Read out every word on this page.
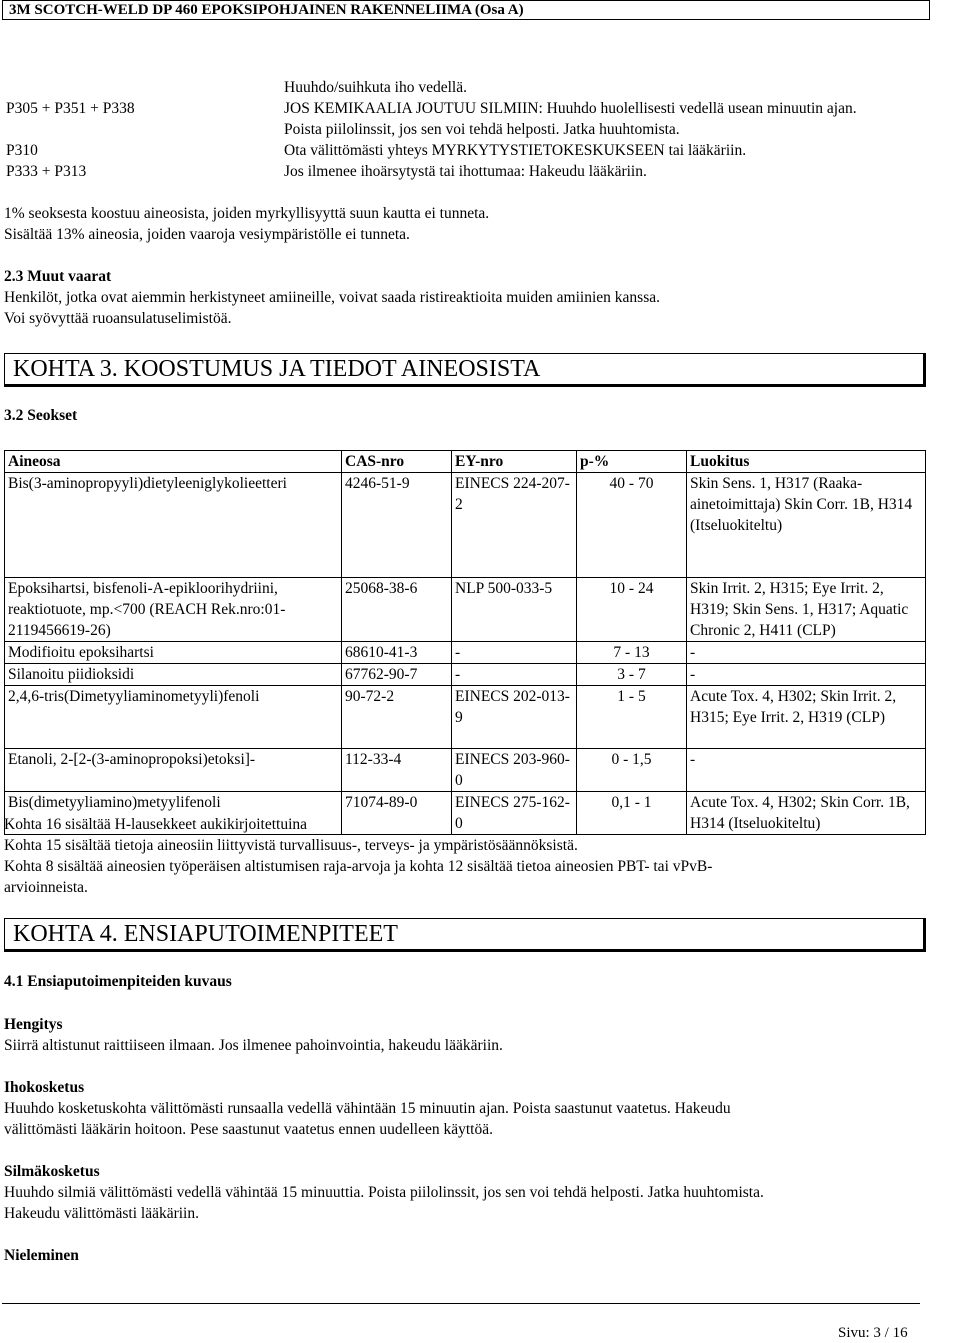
3M SCOTCH-WELD DP 460 EPOKSIPOHJAINEN RAKENNELIIMA (Osa A)
Huuhdo/suihkuta iho vedellä.
P305 + P351 + P338	JOS KEMIKAALIA JOUTUU SILMIIN: Huuhdo huolellisesti vedellä usean minuutin ajan.
Poista piilolinssit, jos sen voi tehdä helposti. Jatka huuhtomista.
P310	Ota välittömästi yhteys MYRKYTYSTIETOKESKUKSEEN tai lääkäriin.
P333 + P313	Jos ilmenee ihoärsytystä tai ihottumaa: Hakeudu lääkäriin.
1% seoksesta koostuu aineosista, joiden myrkyllisyyttä suun kautta ei tunneta.
Sisältää 13% aineosia, joiden vaaroja vesiympäristölle ei tunneta.
2.3 Muut vaarat
Henkilöt, jotka ovat aiemmin herkistyneet amiineille, voivat saada ristireaktioita muiden amiinien kanssa.
Voi syövyttää ruoansulatuselimistöä.
KOHTA 3. KOOSTUMUS JA TIEDOT AINEOSISTA
3.2 Seokset
Aineosa	CAS-nro	EY-nro	p-%	Luokitus
Bis(3-aminopropyyli)dietyleeniglykolieetteri	4246-51-9	EINECS 224-207-2	40 - 70	Skin Sens. 1, H317 (Raaka-ainetoimittaja) Skin Corr. 1B, H314 (Itseluokiteltu)
Epoksihartsi, bisfenoli-A-epikloorihydriini, reaktiotuote, mp.<700 (REACH Rek.nro:01-2119456619-26)	25068-38-6	NLP 500-033-5	10 - 24	Skin Irrit. 2, H315; Eye Irrit. 2, H319; Skin Sens. 1, H317; Aquatic Chronic 2, H411 (CLP)
Modifioitu epoksihartsi	68610-41-3	-	7 - 13	-
Silanoitu piidioksidi	67762-90-7	-	3 - 7	-
2,4,6-tris(Dimetyyliaminometyyli)fenoli	90-72-2	EINECS 202-013-9	1 - 5	Acute Tox. 4, H302; Skin Irrit. 2, H315; Eye Irrit. 2, H319 (CLP)
Etanoli, 2-[2-(3-aminopropoksi)etoksi]-	112-33-4	EINECS 203-960-0	0 - 1,5	-
Bis(dimetyyliamino)metyylifenoli	71074-89-0	EINECS 275-162-0	0,1 - 1	Acute Tox. 4, H302; Skin Corr. 1B, H314 (Itseluokiteltu)
Kohta 16 sisältää H-lausekkeet aukikirjoitettuina
Kohta 15 sisältää tietoja aineosiin liittyvistä turvallisuus-, terveys- ja ympäristösäännöksistä.
Kohta 8 sisältää aineosien työperäisen altistumisen raja-arvoja ja kohta 12 sisältää tietoa aineosien PBT- tai vPvB-
arvioinneista.
KOHTA 4. ENSIAPUTOIMENPITEET
4.1 Ensiaputoimenpiteiden kuvaus
Hengitys
Siirrä altistunut raittiiseen ilmaan. Jos ilmenee pahoinvointia, hakeudu lääkäriin.
Ihokosketus
Huuhdo kosketuskohta välittömästi runsaalla vedellä vähintään 15 minuutin ajan. Poista saastunut vaatetus. Hakeudu
välittömästi lääkärin hoitoon. Pese saastunut vaatetus ennen uudelleen käyttöä.
Silmäkosketus
Huuhdo silmiä välittömästi vedellä vähintää 15 minuuttia. Poista piilolinssit, jos sen voi tehdä helposti. Jatka huuhtomista.
Hakeudu välittömästi lääkäriin.
Nieleminen
Sivu: 3 / 16
